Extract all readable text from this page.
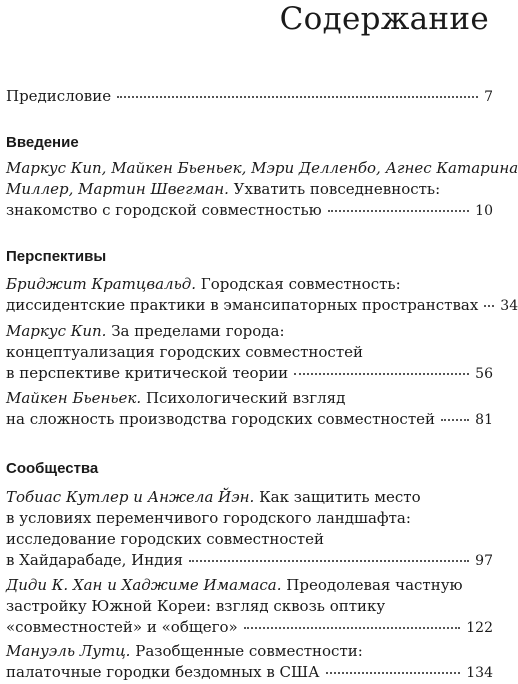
Содержание
Предисловие	7
Введение
Маркус Кип, Майкен Бьеньек, Мэри Делленбо, Агнес Катарина
Миллер, Мартин Швегман. Ухватить повседневность:
знакомство с городской совместностью	10
Перспективы
Бриджит Кратцвальд. Городская совместность:
диссидентские практики в эмансипаторных пространствах 34
Маркус Кип. За пределами города:
концептуализация городских совместностей
в перспективе критической теории	56
Майкен Бьеньек. Психологический взгляд
на сложность производства городских совместностей	81
Сообщества
Тобиас Кутлер и Анжела Йэн. Как защитить место
в условиях переменчивого городского ландшафта:
исследование городских совместностей
в Хайдарабаде, Индия	97
Диди К. Хан и Хаджиме Имамаса. Преодолевая частную
застройку Южной Кореи: взгляд сквозь оптику
«совместностей» и «общего»	122
Мануэль Лутц. Разобщенные совместности:
палаточные городки бездомных в США	134
